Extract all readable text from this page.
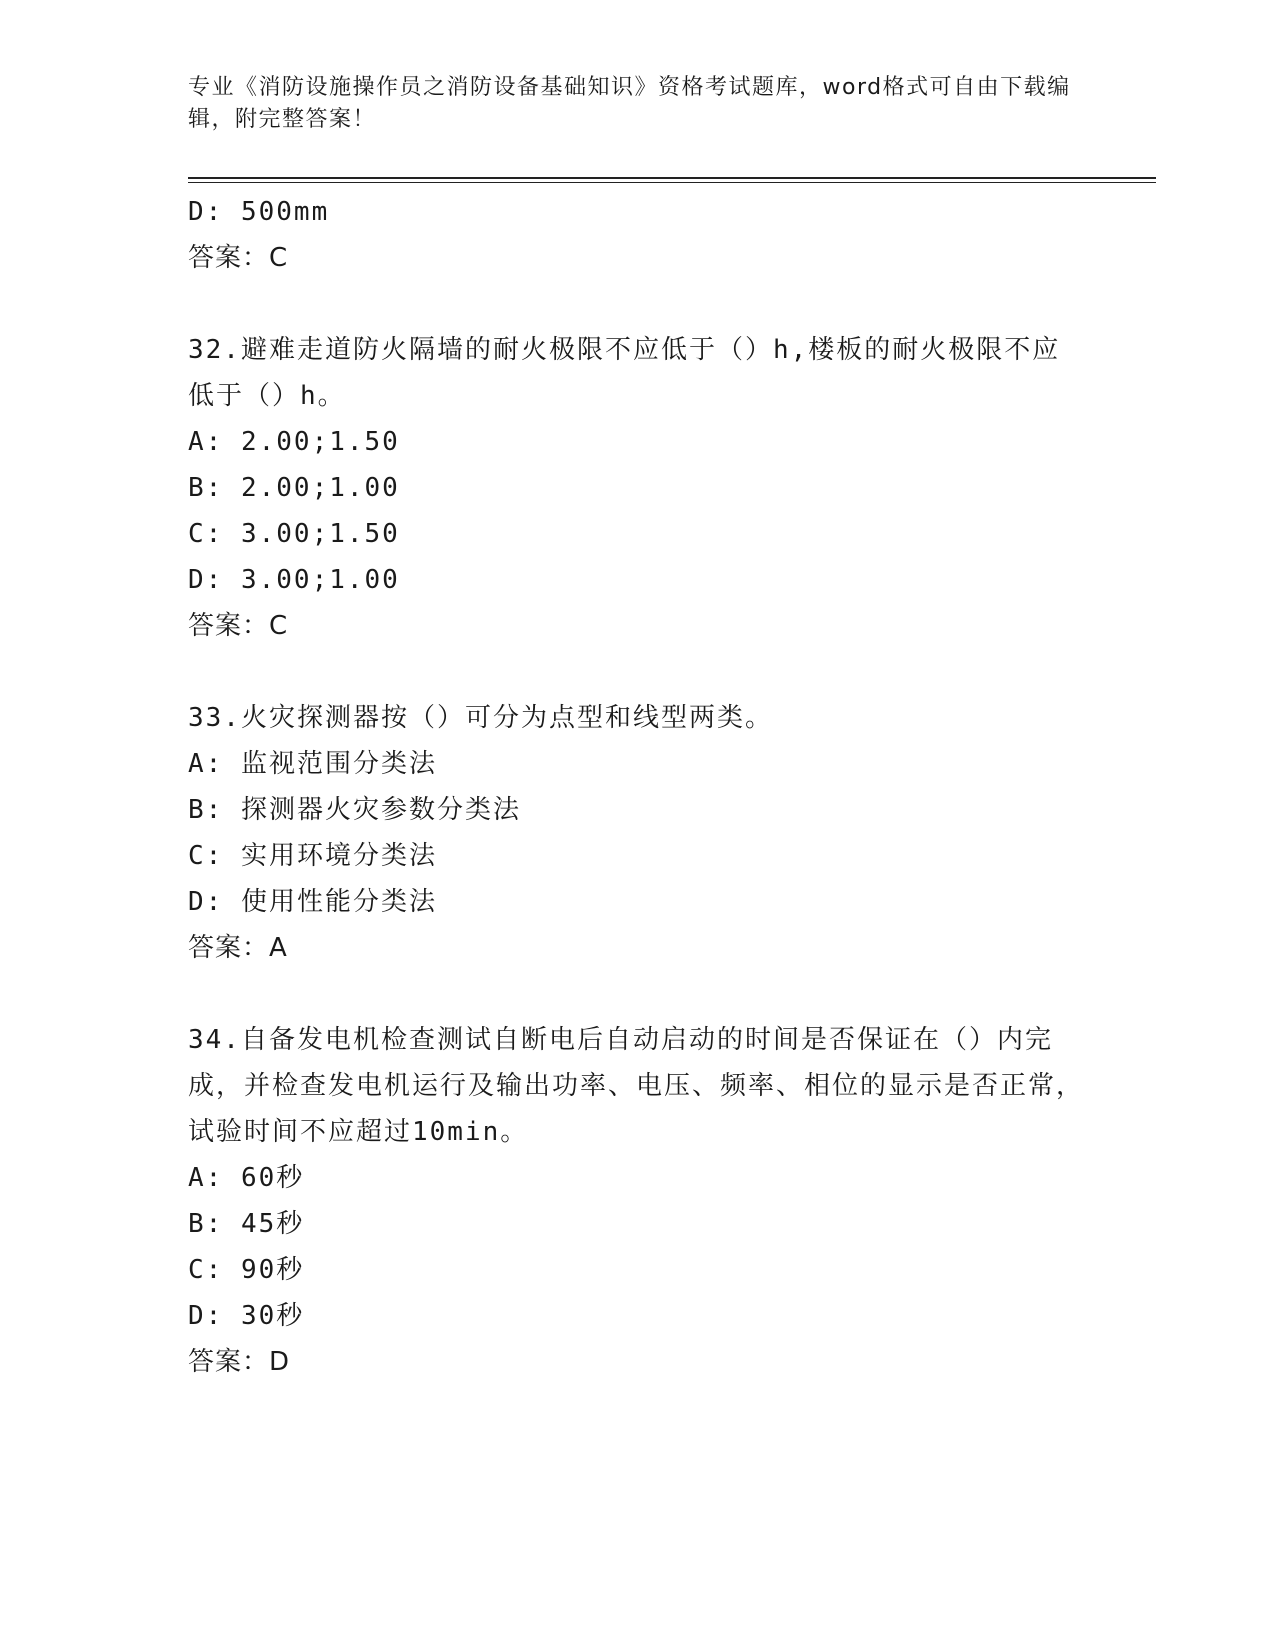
专业《消防设施操作员之消防设备基础知识》资格考试题库，word格式可自由下载编辑，附完整答案！
D: 500mm
答案：C
32.避难走道防火隔墙的耐火极限不应低于（）h,楼板的耐火极限不应低于（）h。
A: 2.00;1.50
B: 2.00;1.00
C: 3.00;1.50
D: 3.00;1.00
答案：C
33.火灾探测器按（）可分为点型和线型两类。
A: 监视范围分类法
B: 探测器火灾参数分类法
C: 实用环境分类法
D: 使用性能分类法
答案：A
34.自备发电机检查测试自断电后自动启动的时间是否保证在（）内完成，并检查发电机运行及输出功率、电压、频率、相位的显示是否正常，试验时间不应超过10min。
A: 60秒
B: 45秒
C: 90秒
D: 30秒
答案：D
